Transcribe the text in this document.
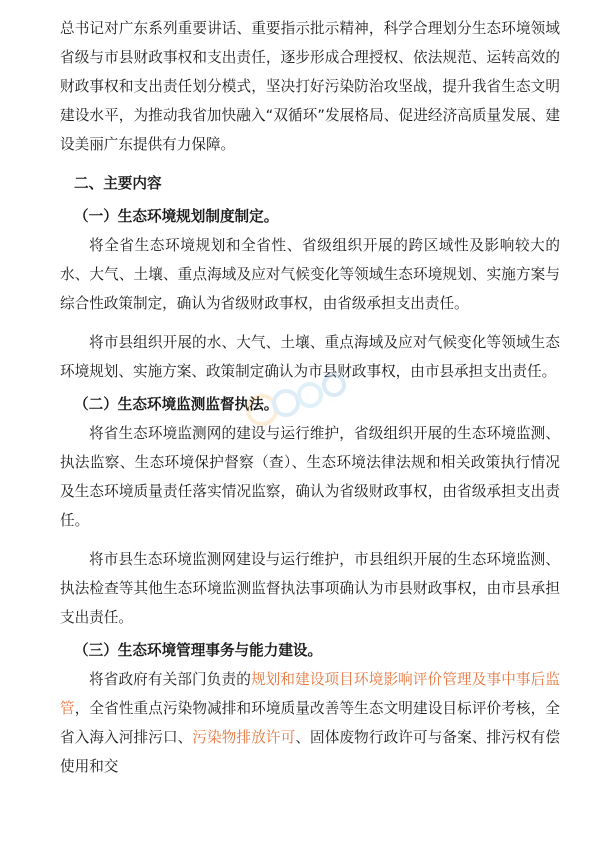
总书记对广东系列重要讲话、重要指示批示精神，科学合理划分生态环境领域省级与市县财政事权和支出责任，逐步形成合理授权、依法规范、运转高效的财政事权和支出责任划分模式，坚决打好污染防治攻坚战，提升我省生态文明建设水平，为推动我省加快融入“双循环”发展格局、促进经济高质量发展、建设美丽广东提供有力保障。

二、主要内容

（一）生态环境规划制度制定。

将全省生态环境规划和全省性、省级组织开展的跨区域性及影响较大的水、大气、土壤、重点海域及应对气候变化等领域生态环境规划、实施方案与综合性政策制定，确认为省级财政事权，由省级承担支出责任。

将市县组织开展的水、大气、土壤、重点海域及应对气候变化等领域生态环境规划、实施方案、政策制定确认为市县财政事权，由市县承担支出责任。

（二）生态环境监测监督执法。

将省生态环境监测网的建设与运行维护，省级组织开展的生态环境监测、执法监察、生态环境保护督察（查）、生态环境法律法规和相关政策执行情况及生态环境质量责任落实情况监察，确认为省级财政事权，由省级承担支出责任。

将市县生态环境监测网建设与运行维护，市县组织开展的生态环境监测、执法检查等其他生态环境监测监督执法事项确认为市县财政事权，由市县承担支出责任。

（三）生态环境管理事务与能力建设。

将省政府有关部门负责的规划和建设项目环境影响评价管理及事中事后监管，全省性重点污染物减排和环境质量改善等生态文明建设目标评价考核，全省入海入河排污口、污染物排放许可、固体废物行政许可与备案、排污权有偿使用和交
